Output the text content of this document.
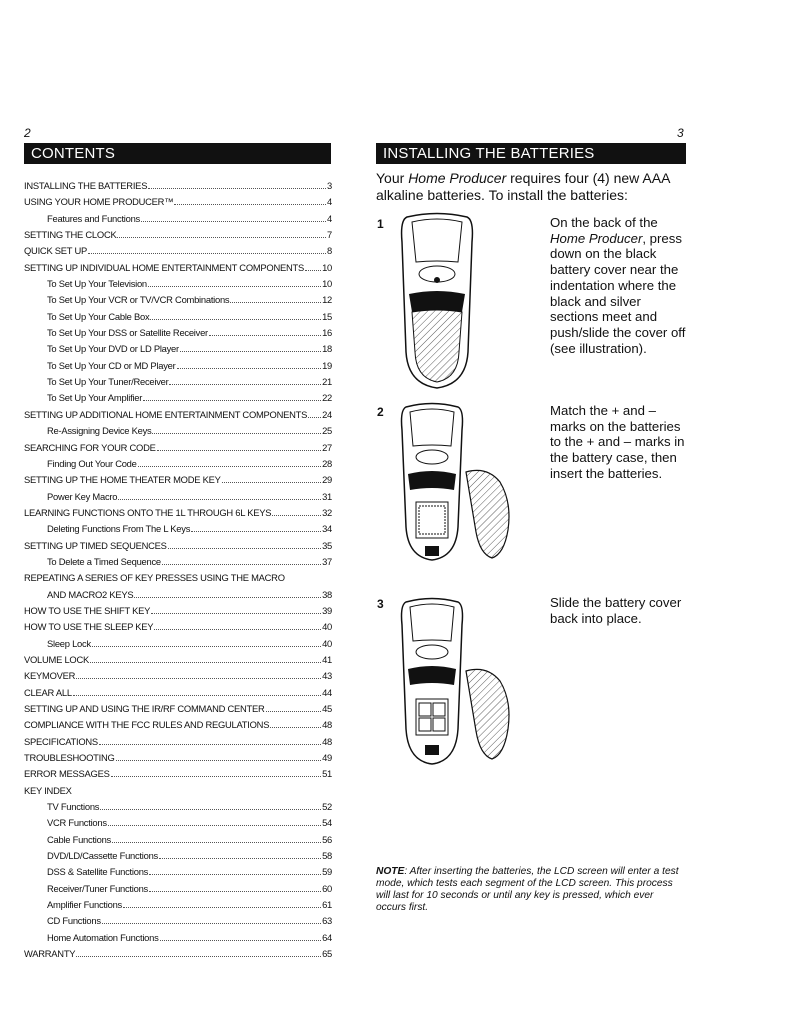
2
CONTENTS
INSTALLING THE BATTERIES	3
USING YOUR HOME PRODUCER™	4
Features and Functions	4
SETTING THE CLOCK	7
QUICK SET UP	8
SETTING UP INDIVIDUAL HOME ENTERTAINMENT COMPONENTS 10
To Set Up Your Television	10
To Set Up Your VCR or TV/VCR Combinations	12
To Set Up Your Cable Box	15
To Set Up Your DSS or Satellite Receiver	16
To Set Up Your DVD or LD Player	18
To Set Up Your CD or MD Player	19
To Set Up Your Tuner/Receiver	21
To Set Up Your Amplifier	22
SETTING UP ADDITIONAL HOME ENTERTAINMENT COMPONENTS 24
Re-Assigning Device Keys	25
SEARCHING FOR YOUR CODE	27
Finding Out Your Code	28
SETTING UP THE HOME THEATER MODE KEY	29
Power Key Macro	31
LEARNING FUNCTIONS ONTO THE 1L THROUGH 6L KEYS	32
Deleting Functions From The L Keys	34
SETTING UP TIMED SEQUENCES	35
To Delete a Timed Sequence	37
REPEATING A SERIES OF KEY PRESSES USING THE MACRO
AND MACRO2 KEYS	38
HOW TO USE THE SHIFT KEY	39
HOW TO USE THE SLEEP KEY	40
Sleep Lock	40
VOLUME LOCK	41
KEYMOVER	43
CLEAR ALL	44
SETTING UP AND USING THE IR/RF COMMAND CENTER	45
COMPLIANCE WITH THE FCC RULES AND REGULATIONS	48
SPECIFICATIONS	48
TROUBLESHOOTING	49
ERROR MESSAGES	51
KEY INDEX
TV Functions	52
VCR Functions	54
Cable Functions	56
DVD/LD/Cassette Functions	58
DSS & Satellite Functions	59
Receiver/Tuner Functions	60
Amplifier Functions	61
CD Functions	63
Home Automation Functions	64
WARRANTY	65
3
INSTALLING THE BATTERIES
Your Home Producer requires four (4) new AAA alkaline batteries. To install the batteries:
1	On the back of the Home Producer, press down on the black battery cover near the indentation where the black and silver sections meet and push/slide the cover off (see illustration).
2	Match the + and – marks on the batteries to the + and – marks in the battery case, then insert the batteries.
3	Slide the battery cover back into place.
NOTE: After inserting the batteries, the LCD screen will enter a test mode, which tests each segment of the LCD screen. This process will last for 10 seconds or until any key is pressed, which ever occurs first.
